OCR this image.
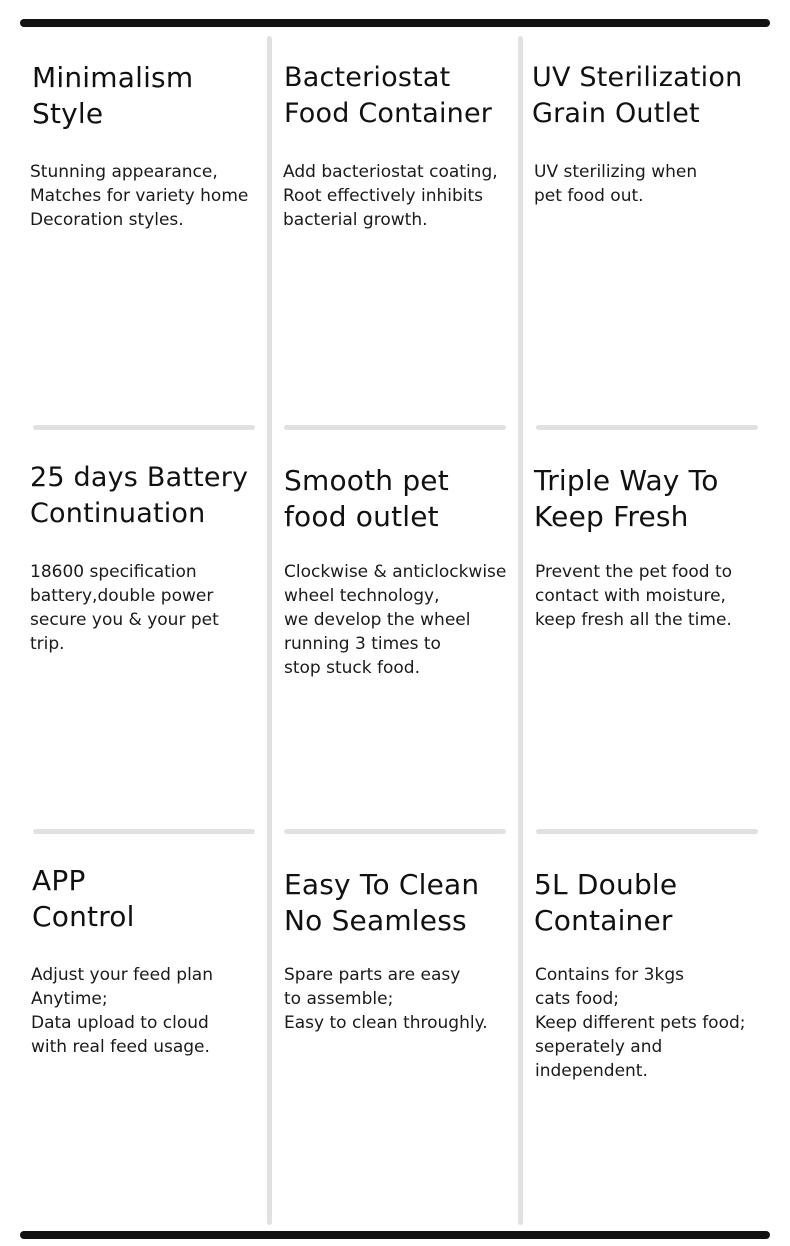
Minimalism
Style

Stunning appearance,
Matches for variety home
Decoration styles.

Bacteriostat
Food Container

Add bacteriostat coating,
Root effectively inhibits
bacterial growth.

UV Sterilization
Grain Outlet

UV sterilizing when
pet food out.

25 days Battery
Continuation

18600 specification
battery,double power
secure you & your pet
trip.

Smooth pet
food outlet

Clockwise & anticlockwise
wheel technology,
we develop the wheel
running 3 times to
stop stuck food.

Triple Way To
Keep Fresh

Prevent the pet food to
contact with moisture,
keep fresh all the time.

APP
Control

Adjust your feed plan
Anytime;
Data upload to cloud
with real feed usage.

Easy To Clean
No Seamless

Spare parts are easy
to assemble;
Easy to clean throughly.

5L Double
Container

Contains for 3kgs
cats food;
Keep different pets food;
seperately and
independent.
